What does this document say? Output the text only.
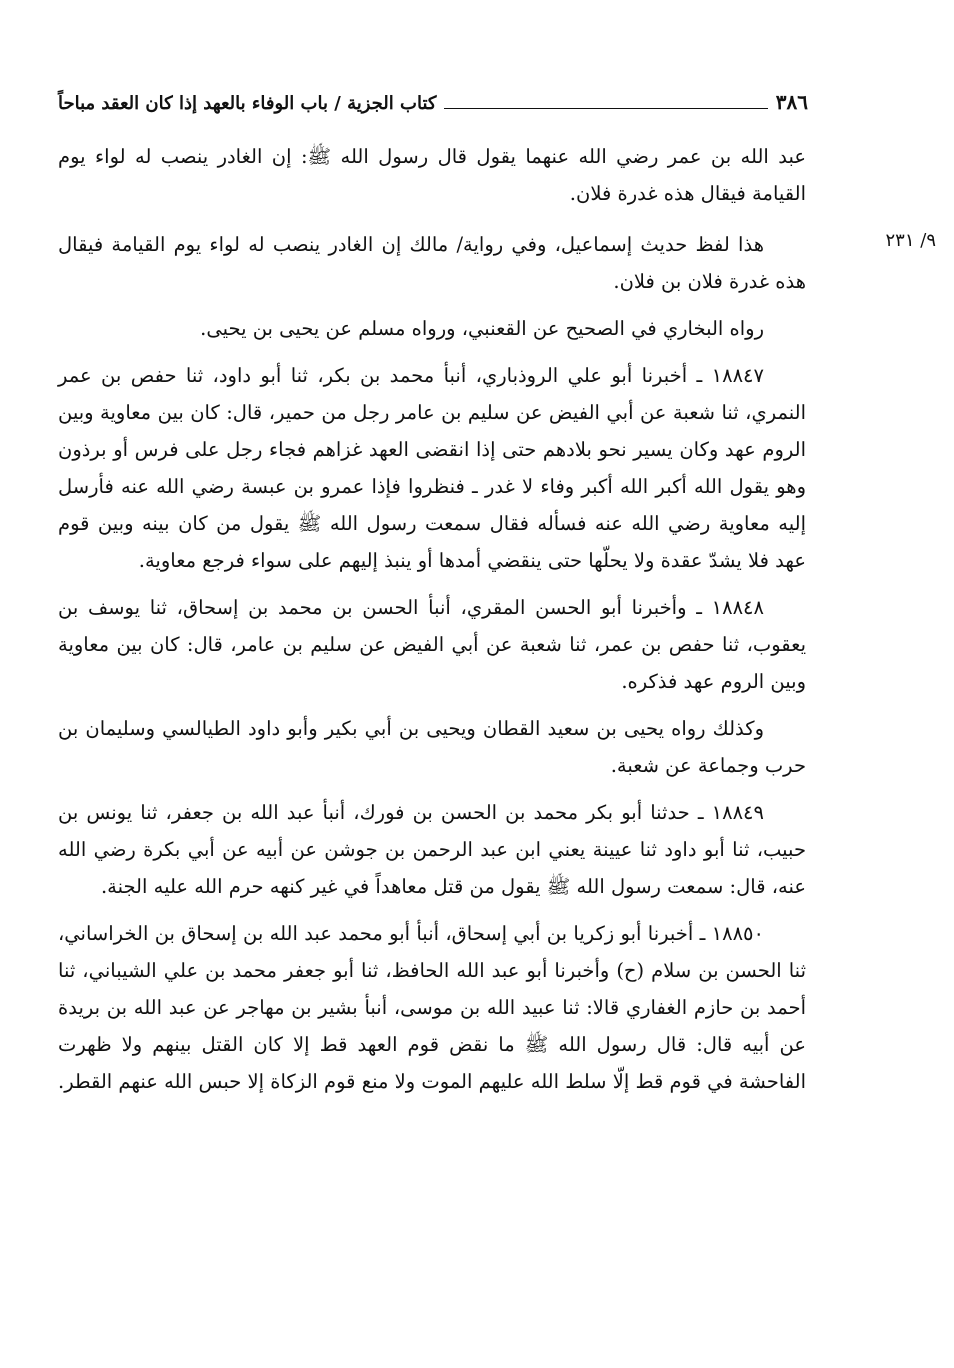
٣٨٦
كتاب الجزية / باب الوفاء بالعهد إذا كان العقد مباحاً
٩/ ٢٣١

عبد الله بن عمر رضي الله عنهما يقول قال رسول الله ﷺ: إن الغادر ينصب له لواء يوم القيامة فيقال هذه غدرة فلان.

هذا لفظ حديث إسماعيل، وفي رواية/ مالك إن الغادر ينصب له لواء يوم القيامة فيقال هذه غدرة فلان بن فلان.

رواه البخاري في الصحيح عن القعنبي، ورواه مسلم عن يحيى بن يحيى.

١٨٨٤٧ ـ أخبرنا أبو علي الروذباري، أنبأ محمد بن بكر، ثنا أبو داود، ثنا حفص بن عمر النمري، ثنا شعبة عن أبي الفيض عن سليم بن عامر رجل من حمير، قال: كان بين معاوية وبين الروم عهد وكان يسير نحو بلادهم حتى إذا انقضى العهد غزاهم فجاء رجل على فرس أو برذون وهو يقول الله أكبر الله أكبر وفاء لا غدر ـ فنظروا فإذا عمرو بن عبسة رضي الله عنه فأرسل إليه معاوية رضي الله عنه فسأله فقال سمعت رسول الله ﷺ يقول من كان بينه وبين قوم عهد فلا يشدّ عقدة ولا يحلّها حتى ينقضي أمدها أو ينبذ إليهم على سواء فرجع معاوية.

١٨٨٤٨ ـ وأخبرنا أبو الحسن المقري، أنبأ الحسن بن محمد بن إسحاق، ثنا يوسف بن يعقوب، ثنا حفص بن عمر، ثنا شعبة عن أبي الفيض عن سليم بن عامر، قال: كان بين معاوية وبين الروم عهد فذكره.

وكذلك رواه يحيى بن سعيد القطان ويحيى بن أبي بكير وأبو داود الطيالسي وسليمان بن حرب وجماعة عن شعبة.

١٨٨٤٩ ـ حدثنا أبو بكر محمد بن الحسن بن فورك، أنبأ عبد الله بن جعفر، ثنا يونس بن حبيب، ثنا أبو داود ثنا عيينة يعني ابن عبد الرحمن بن جوشن عن أبيه عن أبي بكرة رضي الله عنه، قال: سمعت رسول الله ﷺ يقول من قتل معاهداً في غير كنهه حرم الله عليه الجنة.

١٨٨٥٠ ـ أخبرنا أبو زكريا بن أبي إسحاق، أنبأ أبو محمد عبد الله بن إسحاق بن الخراساني، ثنا الحسن بن سلام (ح) وأخبرنا أبو عبد الله الحافظ، ثنا أبو جعفر محمد بن علي الشيباني، ثنا أحمد بن حازم الغفاري قالا: ثنا عبيد الله بن موسى، أنبأ بشير بن مهاجر عن عبد الله بن بريدة عن أبيه قال: قال رسول الله ﷺ ما نقض قوم العهد قط إلا كان القتل بينهم ولا ظهرت الفاحشة في قوم قط إلّا سلط الله عليهم الموت ولا منع قوم الزكاة إلا حبس الله عنهم القطر.
